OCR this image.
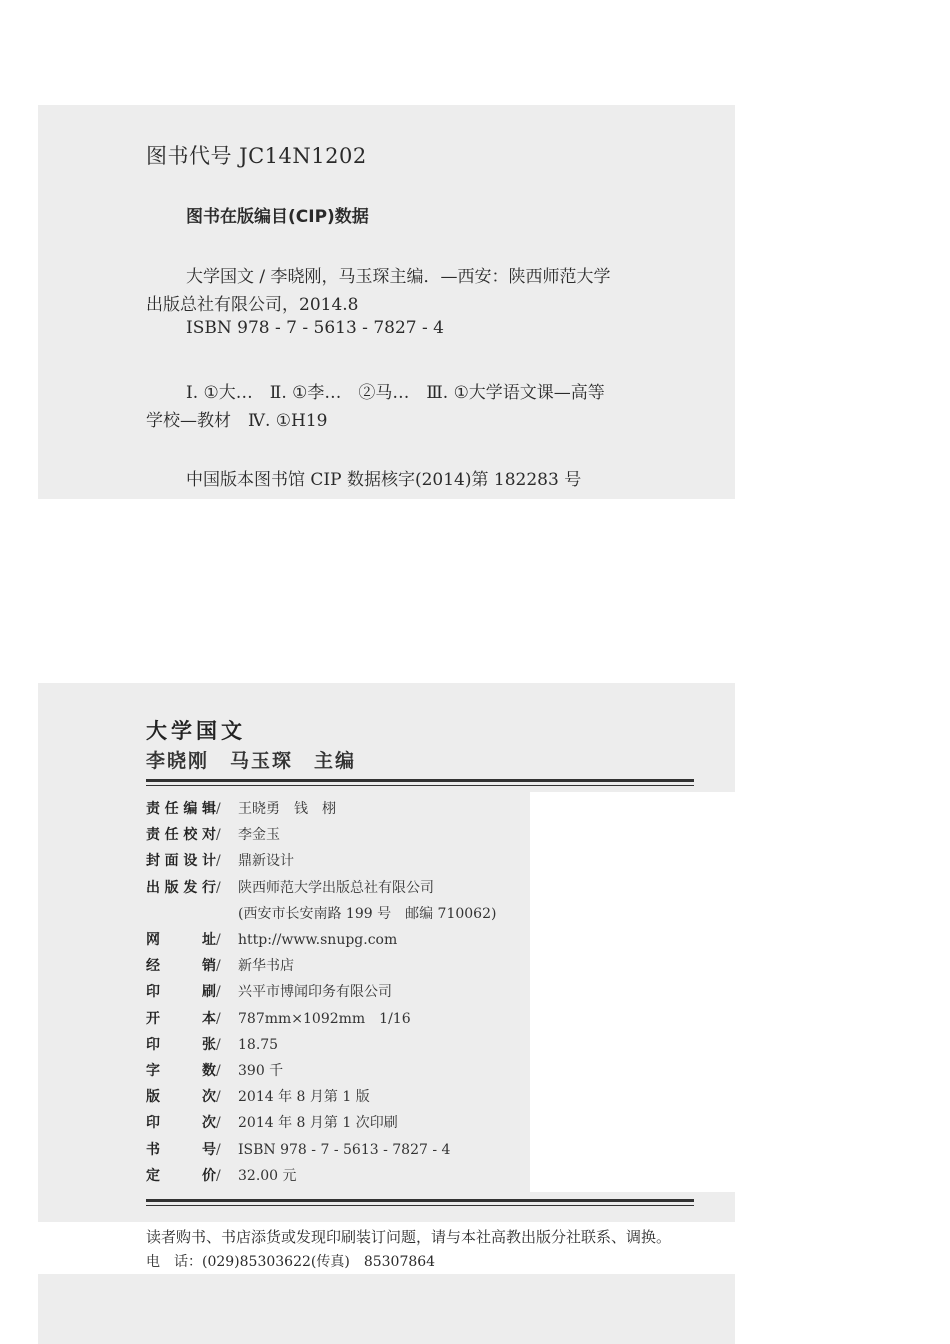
图书代号 JC14N1202
图书在版编目(CIP)数据
大学国文 / 李晓刚，马玉琛主编．—西安：陕西师范大学
出版总社有限公司，2014.8
ISBN 978 - 7 - 5613 - 7827 - 4
Ⅰ. ①大…　Ⅱ. ①李…　②马…　Ⅲ. ①大学语文课—高等
学校—教材　Ⅳ. ①H19
中国版本图书馆 CIP 数据核字(2014)第 182283 号
大学国文
李晓刚　马玉琛　主编
责任编辑/ 王晓勇　钱　栩
责任校对/ 李金玉
封面设计/ 鼎新设计
出版发行/ 陕西师范大学出版总社有限公司
(西安市长安南路 199 号　邮编 710062)
网　　址/ http://www.snupg.com
经　　销/ 新华书店
印　　刷/ 兴平市博闻印务有限公司
开　　本/ 787mm×1092mm　1/16
印　　张/ 18.75
字　　数/ 390 千
版　　次/ 2014 年 8 月第 1 版
印　　次/ 2014 年 8 月第 1 次印刷
书　　号/ ISBN 978 - 7 - 5613 - 7827 - 4
定　　价/ 32.00 元
读者购书、书店添货或发现印刷装订问题，请与本社高教出版分社联系、调换。
电　话：(029)85303622(传真)　85307864
